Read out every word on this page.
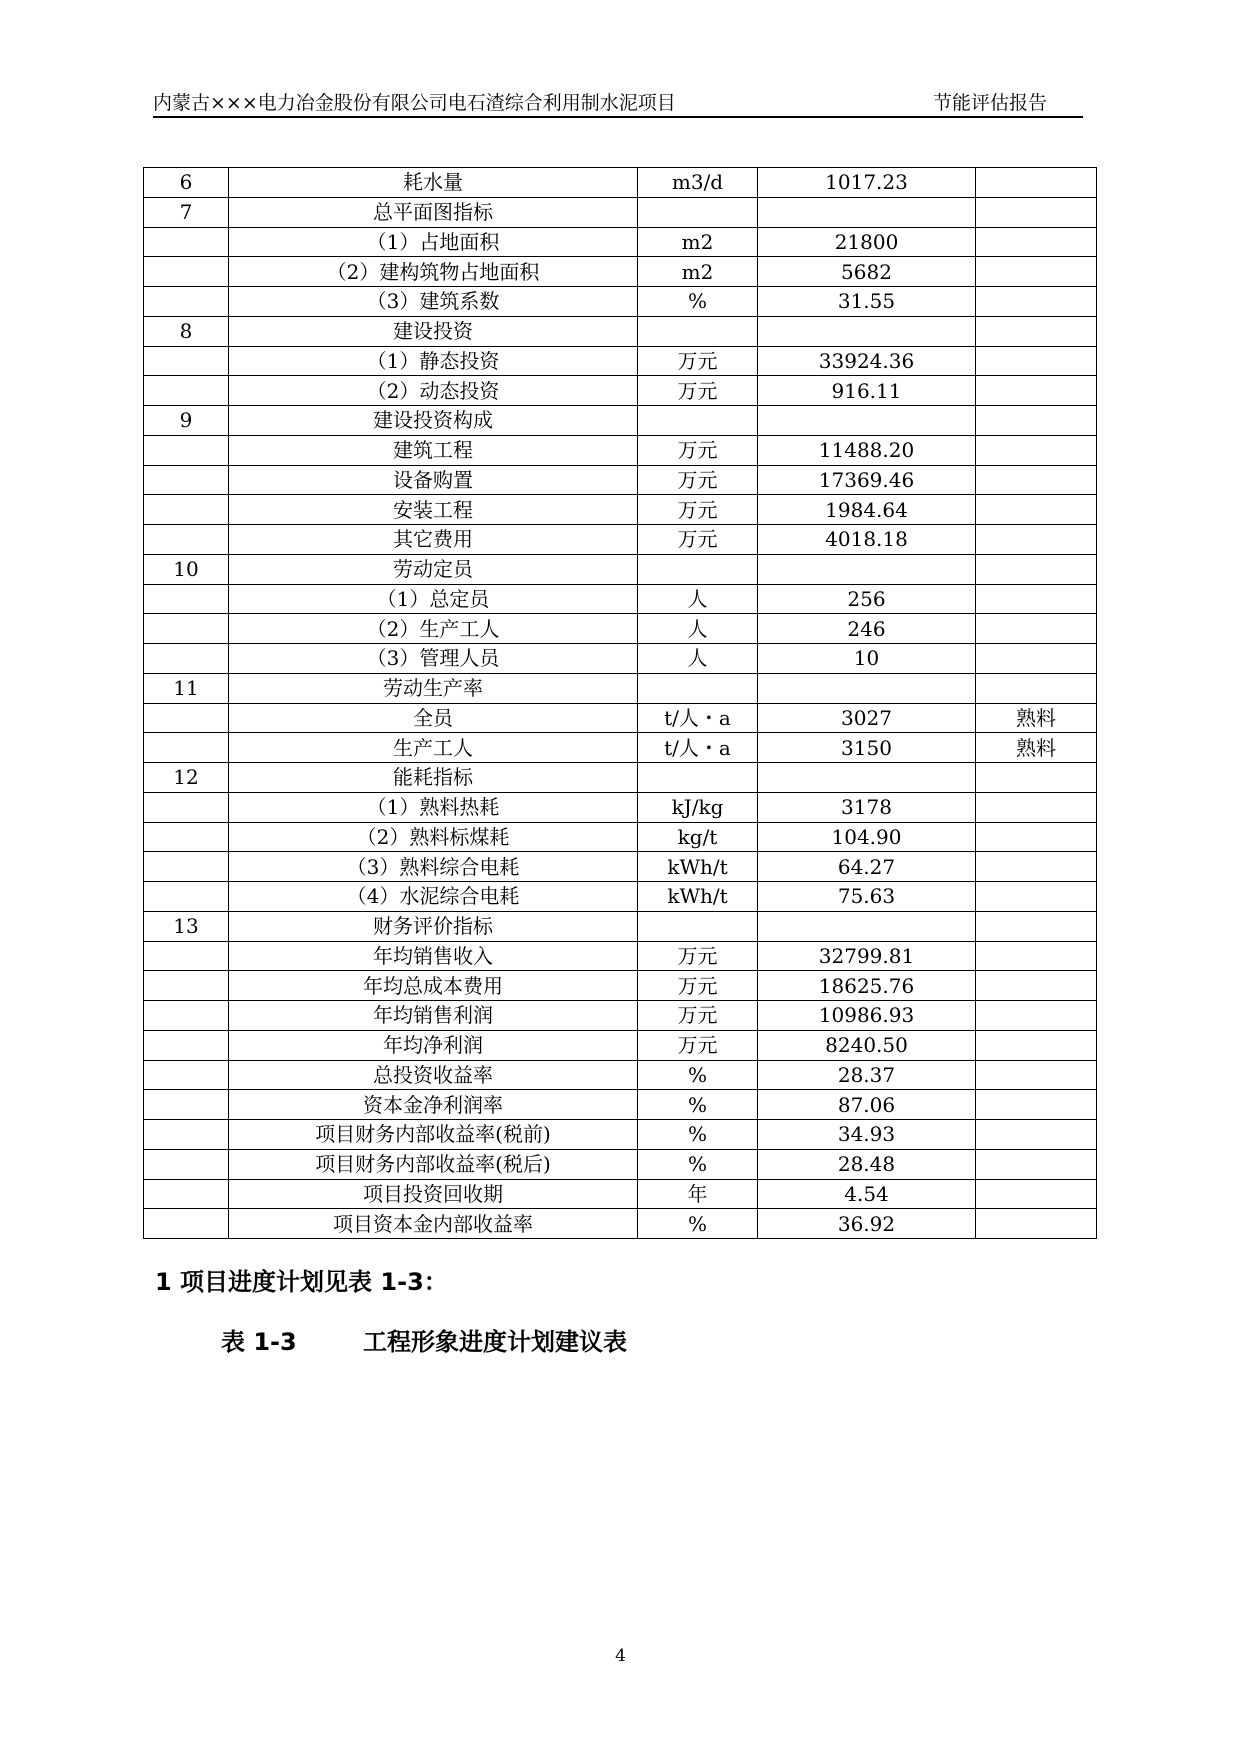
内蒙古×××电力冶金股份有限公司电石渣综合利用制水泥项目	节能评估报告
6	耗水量	m3/d	1017.23	
7	总平面图指标			
	（1）占地面积	m2	21800	
	（2）建构筑物占地面积	m2	5682	
	（3）建筑系数	%	31.55	
8	建设投资			
	（1）静态投资	万元	33924.36	
	（2）动态投资	万元	916.11	
9	建设投资构成			
	建筑工程	万元	11488.20	
	设备购置	万元	17369.46	
	安装工程	万元	1984.64	
	其它费用	万元	4018.18	
10	劳动定员			
	（1）总定员	人	256	
	（2）生产工人	人	246	
	（3）管理人员	人	10	
11	劳动生产率			
	全员	t/人・a	3027	熟料
	生产工人	t/人・a	3150	熟料
12	能耗指标			
	（1）熟料热耗	kJ/kg	3178	
	（2）熟料标煤耗	kg/t	104.90	
	（3）熟料综合电耗	kWh/t	64.27	
	（4）水泥综合电耗	kWh/t	75.63	
13	财务评价指标			
	年均销售收入	万元	32799.81	
	年均总成本费用	万元	18625.76	
	年均销售利润	万元	10986.93	
	年均净利润	万元	8240.50	
	总投资收益率	%	28.37	
	资本金净利润率	%	87.06	
	项目财务内部收益率(税前)	%	34.93	
	项目财务内部收益率(税后)	%	28.48	
	项目投资回收期	年	4.54	
	项目资本金内部收益率	%	36.92	
1 项目进度计划见表 1-3：
表 1-3	工程形象进度计划建议表
4
